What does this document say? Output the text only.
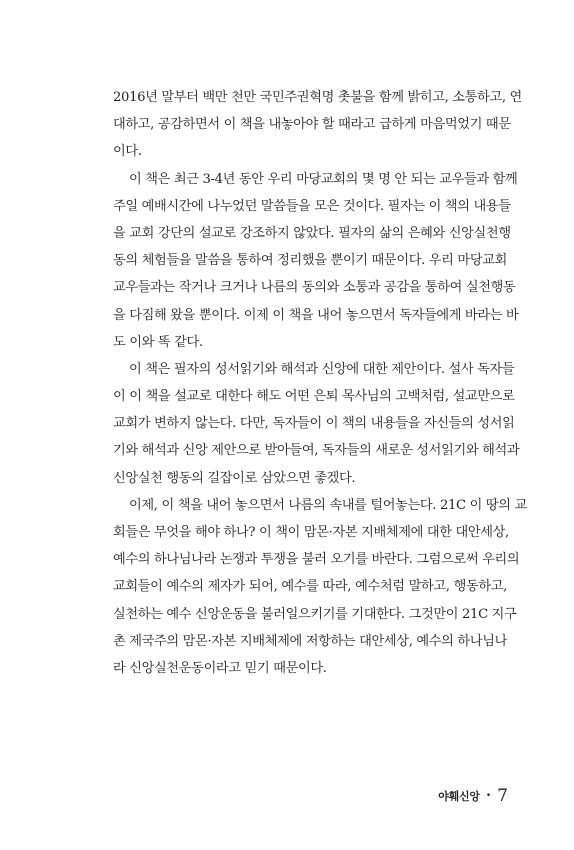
2016년 말부터 백만 천만 국민주권혁명 촛불을 함께 밝히고, 소통하고, 연
대하고, 공감하면서 이 책을 내놓아야 할 때라고 급하게 마음먹었기 때문
이다.
이 책은 최근 3-4년 동안 우리 마당교회의 몇 명 안 되는 교우들과 함께
주일 예배시간에 나누었던 말씀들을 모은 것이다. 필자는 이 책의 내용들
을 교회 강단의 설교로 강조하지 않았다. 필자의 삶의 은혜와 신앙실천행
동의 체험들을 말씀을 통하여 정리했을 뿐이기 때문이다. 우리 마당교회
교우들과는 작거나 크거나 나름의 동의와 소통과 공감을 통하여 실천행동
을 다짐해 왔을 뿐이다. 이제 이 책을 내어 놓으면서 독자들에게 바라는 바
도 이와 똑 같다.
이 책은 필자의 성서읽기와 해석과 신앙에 대한 제안이다. 설사 독자들
이 이 책을 설교로 대한다 해도 어떤 은퇴 목사님의 고백처럼, 설교만으로
교회가 변하지 않는다. 다만, 독자들이 이 책의 내용들을 자신들의 성서읽
기와 해석과 신앙 제안으로 받아들여, 독자들의 새로운 성서읽기와 해석과
신앙실천 행동의 길잡이로 삼았으면 좋겠다.
이제, 이 책을 내어 놓으면서 나름의 속내를 털어놓는다. 21C 이 땅의 교
회들은 무엇을 해야 하나? 이 책이 맘몬·자본 지배체제에 대한 대안세상,
예수의 하나님나라 논쟁과 투쟁을 불러 오기를 바란다. 그럼으로써 우리의
교회들이 예수의 제자가 되어, 예수를 따라, 예수처럼 말하고, 행동하고,
실천하는 예수 신앙운동을 불러일으키기를 기대한다. 그것만이 21C 지구
촌 제국주의 맘몬·자본 지배체제에 저항하는 대안세상, 예수의 하나님나
라 신앙실천운동이라고 믿기 때문이다.
야훼신앙 • 7
